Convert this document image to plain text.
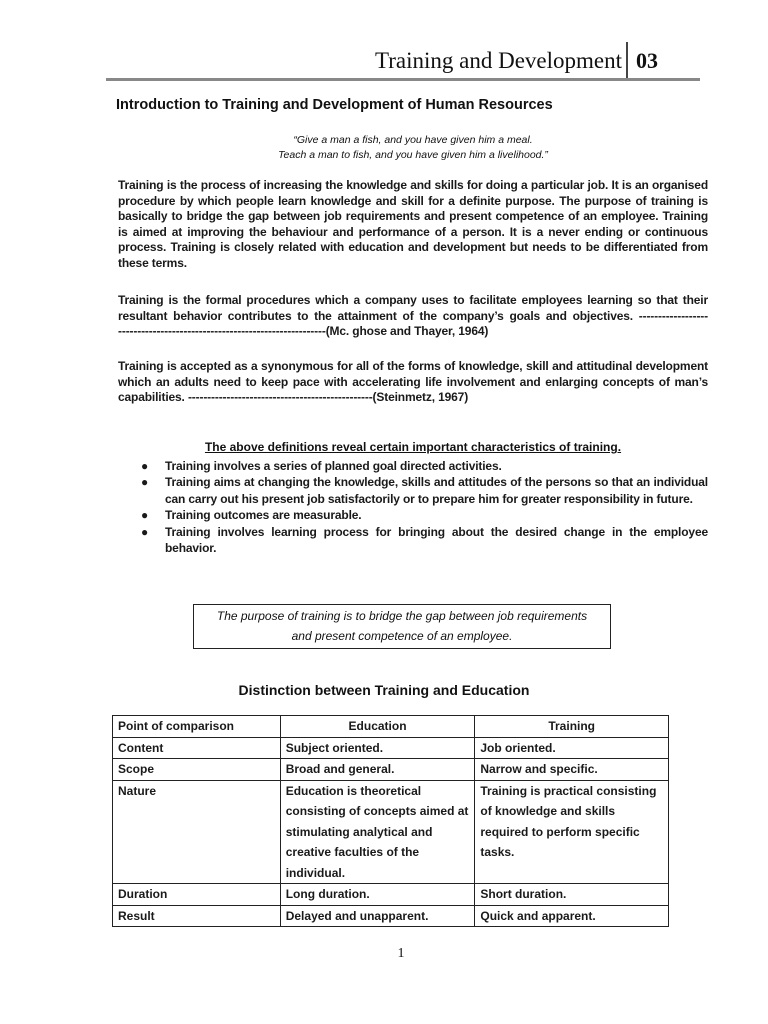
Training and Development 03
Introduction to Training and Development of Human Resources
“Give a man a fish, and you have given him a meal.
Teach a man to fish, and you have given him a livelihood.”

Training is the process of increasing the knowledge and skills for doing a particular job. It is an organised procedure by which people learn knowledge and skill for a definite purpose. The purpose of training is basically to bridge the gap between job requirements and present competence of an employee. Training is aimed at improving the behaviour and performance of a person. It is a never ending or continuous process. Training is closely related with education and development but needs to be differentiated from these terms.

Training is the formal procedures which a company uses to facilitate employees learning so that their resultant behavior contributes to the attainment of the company’s goals and objectives. ------------------ ------------------------------------------------------(Mc. ghose and Thayer, 1964)

Training is accepted as a synonymous for all of the forms of knowledge, skill and attitudinal development which an adults need to keep pace with accelerating life involvement and enlarging concepts of man’s capabilities. ------------------------------------------------(Steinmetz, 1967)

The above definitions reveal certain important characteristics of training.
● Training involves a series of planned goal directed activities.
● Training aims at changing the knowledge, skills and attitudes of the persons so that an individual can carry out his present job satisfactorily or to prepare him for greater responsibility in future.
● Training outcomes are measurable.
● Training involves learning process for bringing about the desired change in the employee behavior.
The purpose of training is to bridge the gap between job requirements
and present competence of an employee.
Distinction between Training and Education
Point of comparison	Education	Training
Content	Subject oriented.	Job oriented.
Scope	Broad and general.	Narrow and specific.
Nature	Education is theoretical consisting of concepts aimed at stimulating analytical and creative faculties of the individual.	Training is practical consisting of knowledge and skills required to perform specific tasks.
Duration	Long duration.	Short duration.
Result	Delayed and unapparent.	Quick and apparent.
1
